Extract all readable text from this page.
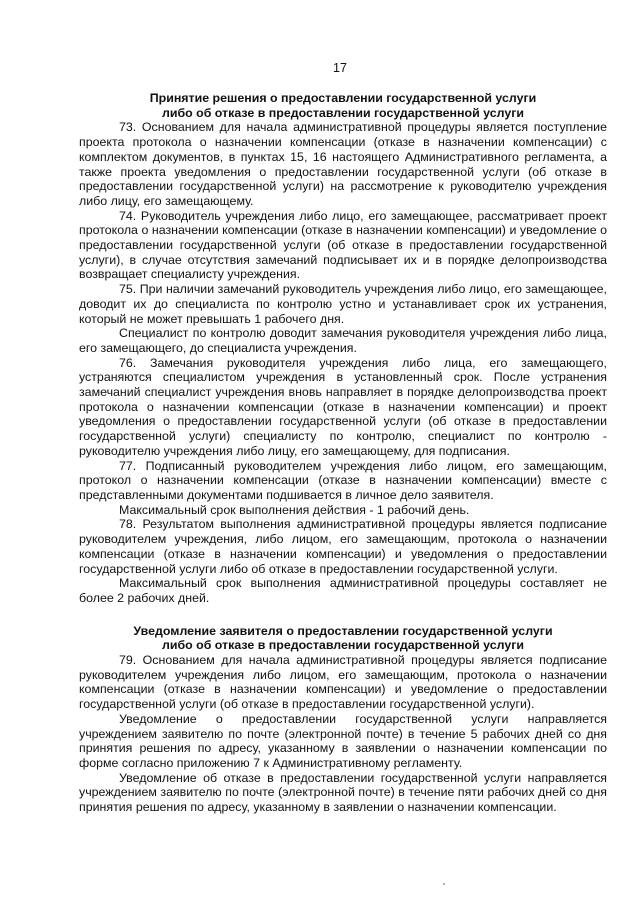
17
Принятие решения о предоставлении государственной услуги
либо об отказе в предоставлении государственной услуги

73. Основанием для начала административной процедуры является поступление проекта протокола о назначении компенсации (отказе в назначении компенсации) с комплектом документов, в пунктах 15, 16 настоящего Административного регламента, а также проекта уведомления о предоставлении государственной услуги (об отказе в предоставлении государственной услуги) на рассмотрение к руководителю учреждения либо лицу, его замещающему.

74. Руководитель учреждения либо лицо, его замещающее, рассматривает проект протокола о назначении компенсации (отказе в назначении компенсации) и уведомление о предоставлении государственной услуги (об отказе в предоставлении государственной услуги), в случае отсутствия замечаний подписывает их и в порядке делопроизводства возвращает специалисту учреждения.

75. При наличии замечаний руководитель учреждения либо лицо, его замещающее, доводит их до специалиста по контролю устно и устанавливает срок их устранения, который не может превышать 1 рабочего дня.

Специалист по контролю доводит замечания руководителя учреждения либо лица, его замещающего, до специалиста учреждения.

76. Замечания руководителя учреждения либо лица, его замещающего, устраняются специалистом учреждения в установленный срок. После устранения замечаний специалист учреждения вновь направляет в порядке делопроизводства проект протокола о назначении компенсации (отказе в назначении компенсации) и проект уведомления о предоставлении государственной услуги (об отказе в предоставлении государственной услуги) специалисту по контролю, специалист по контролю - руководителю учреждения либо лицу, его замещающему, для подписания.

77. Подписанный руководителем учреждения либо лицом, его замещающим, протокол о назначении компенсации (отказе в назначении компенсации) вместе с представленными документами подшивается в личное дело заявителя.

Максимальный срок выполнения действия - 1 рабочий день.

78. Результатом выполнения административной процедуры является подписание руководителем учреждения, либо лицом, его замещающим, протокола о назначении компенсации (отказе в назначении компенсации) и уведомления о предоставлении государственной услуги либо об отказе в предоставлении государственной услуги.

Максимальный срок выполнения административной процедуры составляет не более 2 рабочих дней.

Уведомление заявителя о предоставлении государственной услуги
либо об отказе в предоставлении государственной услуги

79. Основанием для начала административной процедуры является подписание руководителем учреждения либо лицом, его замещающим, протокола о назначении компенсации (отказе в назначении компенсации) и уведомление о предоставлении государственной услуги (об отказе в предоставлении государственной услуги).

Уведомление о предоставлении государственной услуги направляется учреждением заявителю по почте (электронной почте) в течение 5 рабочих дней со дня принятия решения по адресу, указанному в заявлении о назначении компенсации по форме согласно приложению 7 к Административному регламенту.

Уведомление об отказе в предоставлении государственной услуги направляется учреждением заявителю по почте (электронной почте) в течение пяти рабочих дней со дня принятия решения по адресу, указанному в заявлении о назначении компенсации.
